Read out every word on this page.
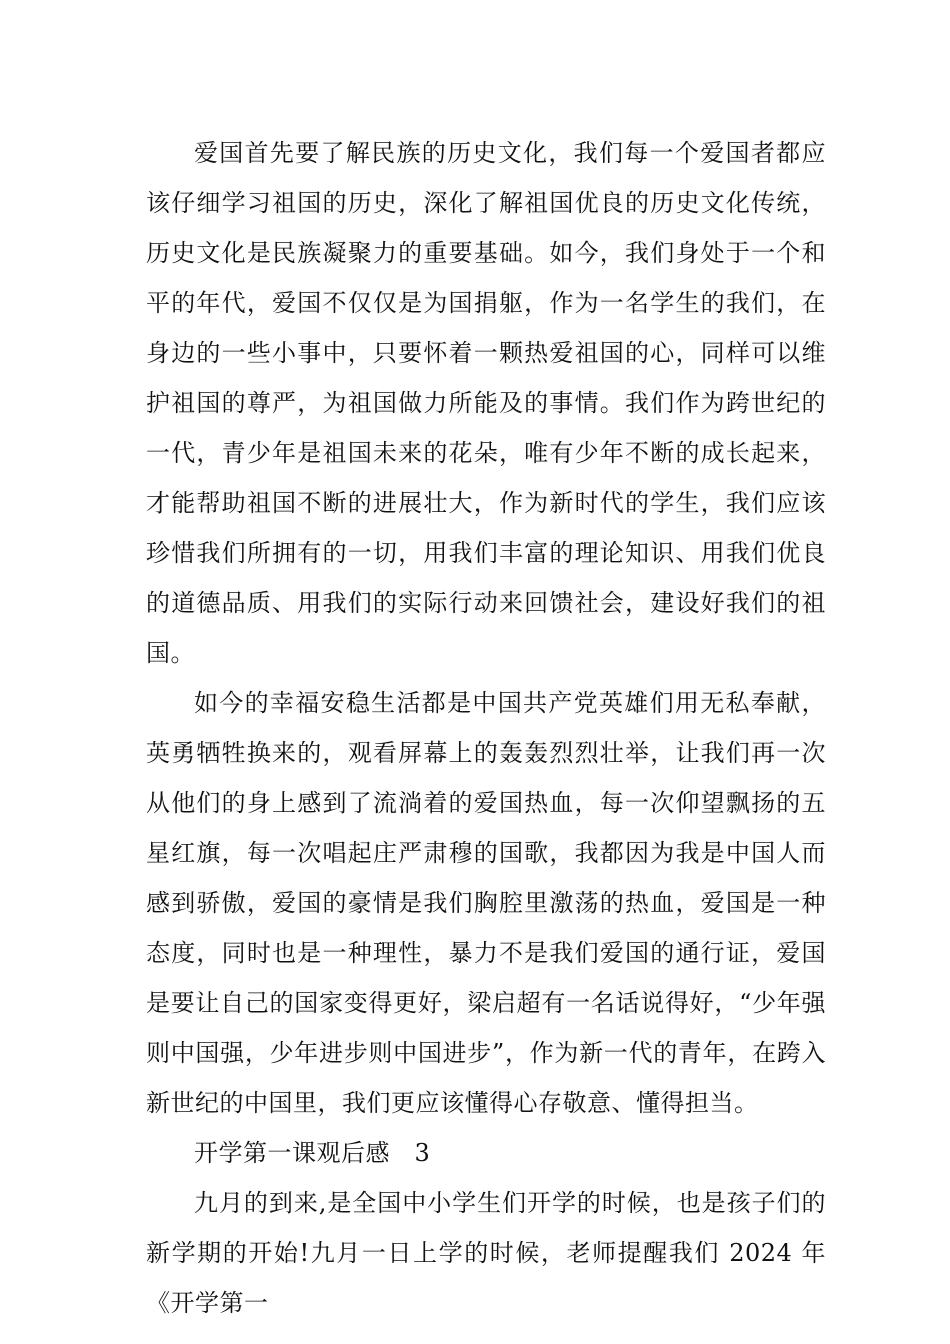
爱国首先要了解民族的历史文化，我们每一个爱国者都应该仔细学习祖国的历史，深化了解祖国优良的历史文化传统，历史文化是民族凝聚力的重要基础。如今，我们身处于一个和平的年代，爱国不仅仅是为国捐躯，作为一名学生的我们，在身边的一些小事中，只要怀着一颗热爱祖国的心，同样可以维护祖国的尊严，为祖国做力所能及的事情。我们作为跨世纪的一代，青少年是祖国未来的花朵，唯有少年不断的成长起来，才能帮助祖国不断的进展壮大，作为新时代的学生，我们应该珍惜我们所拥有的一切，用我们丰富的理论知识、用我们优良的道德品质、用我们的实际行动来回馈社会，建设好我们的祖国。

如今的幸福安稳生活都是中国共产党英雄们用无私奉献，英勇牺牲换来的，观看屏幕上的轰轰烈烈壮举，让我们再一次从他们的身上感到了流淌着的爱国热血，每一次仰望飘扬的五星红旗，每一次唱起庄严肃穆的国歌，我都因为我是中国人而感到骄傲，爱国的豪情是我们胸腔里激荡的热血，爱国是一种态度，同时也是一种理性，暴力不是我们爱国的通行证，爱国是要让自己的国家变得更好，梁启超有一名话说得好，“少年强则中国强，少年进步则中国进步”，作为新一代的青年，在跨入新世纪的中国里，我们更应该懂得心存敬意、懂得担当。

开学第一课观后感　3

九月的到来,是全国中小学生们开学的时候，也是孩子们的新学期的开始!九月一日上学的时候，老师提醒我们 2024 年《开学第一
